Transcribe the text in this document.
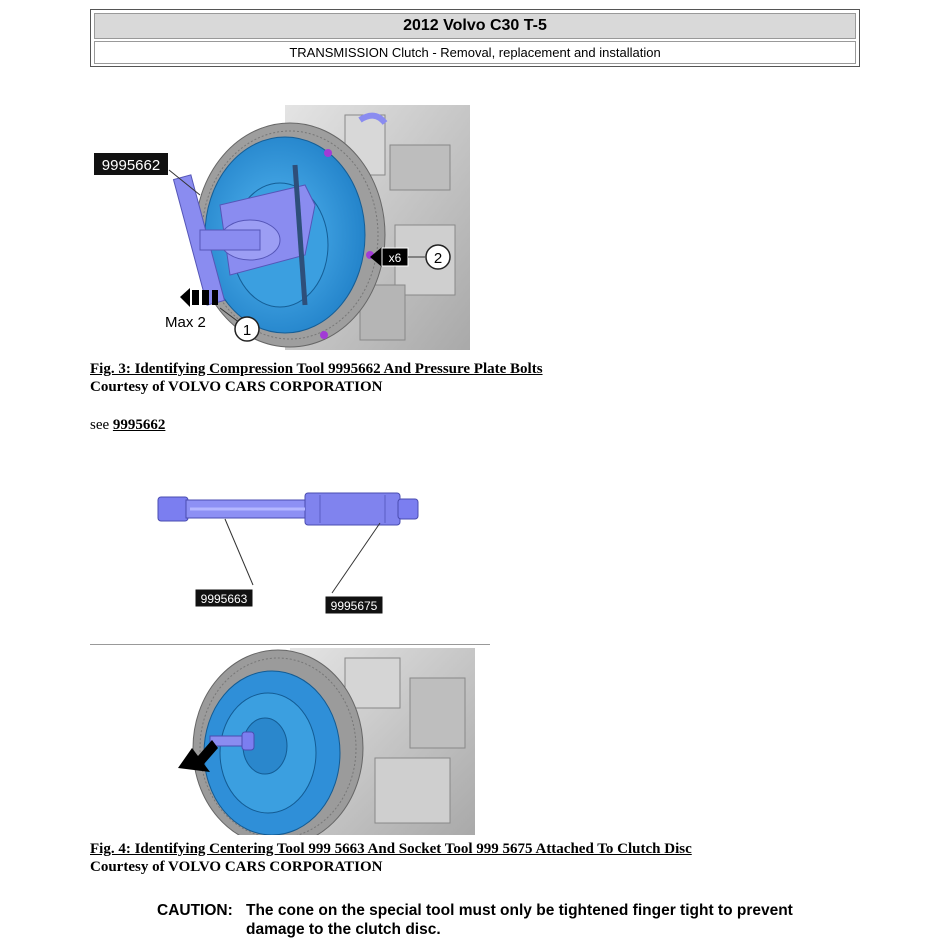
2012 Volvo C30 T-5
TRANSMISSION Clutch - Removal, replacement and installation
9995662
Max 2 1
x6 2
Fig. 3: Identifying Compression Tool 9995662 And Pressure Plate Bolts
Courtesy of VOLVO CARS CORPORATION
see 9995662
9995663	9995675
Fig. 4: Identifying Centering Tool 999 5663 And Socket Tool 999 5675 Attached To Clutch Disc
Courtesy of VOLVO CARS CORPORATION
CAUTION: The cone on the special tool must only be tightened finger tight to prevent
damage to the clutch disc.
